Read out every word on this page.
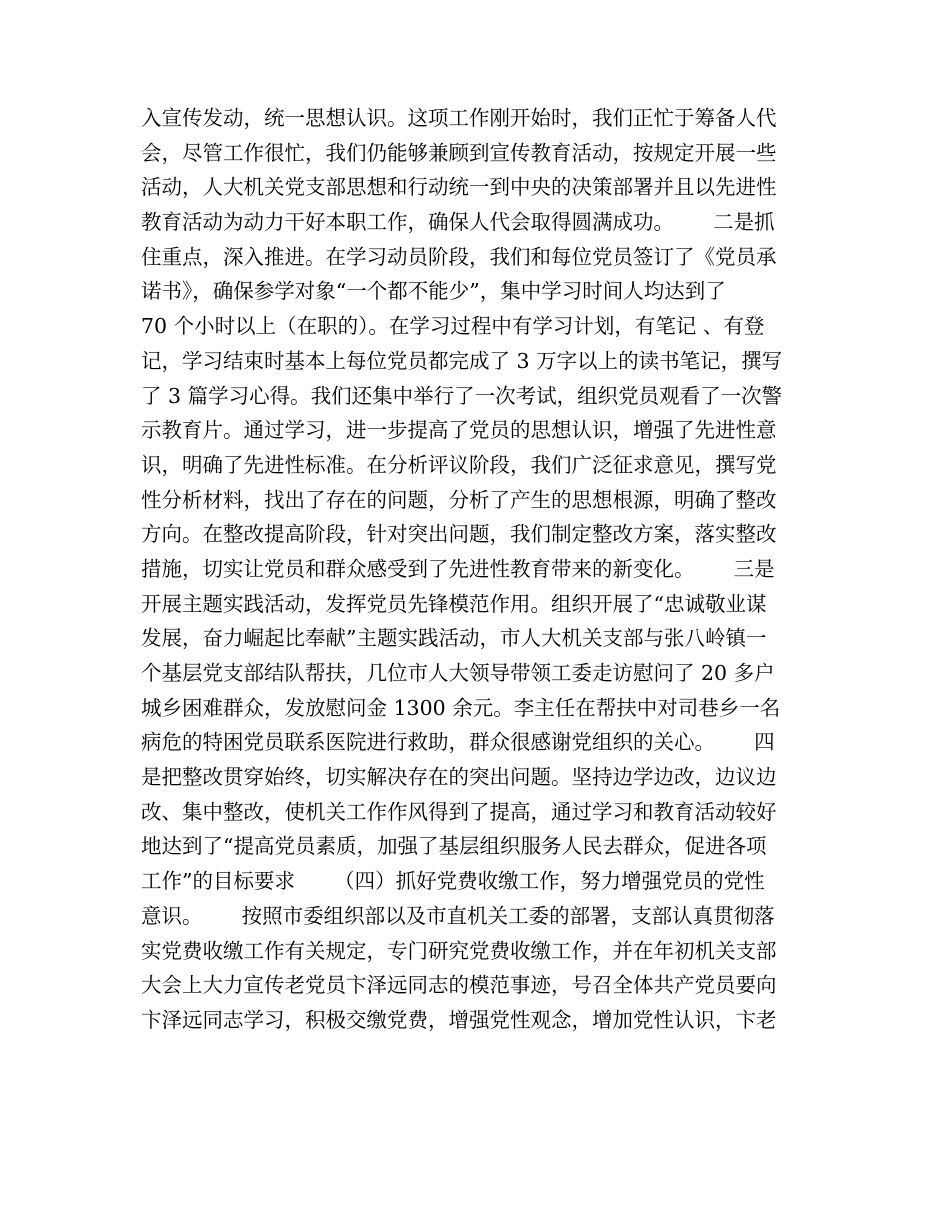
入宣传发动，统一思想认识。这项工作刚开始时，我们正忙于筹备人代
会，尽管工作很忙，我们仍能够兼顾到宣传教育活动，按规定开展一些
活动，人大机关党支部思想和行动统一到中央的决策部署并且以先进性
教育活动为动力干好本职工作，确保人代会取得圆满成功。      二是抓
住重点，深入推进。在学习动员阶段，我们和每位党员签订了《党员承
诺书》，确保参学对象“一个都不能少”，集中学习时间人均达到了
70 个小时以上（在职的）。在学习过程中有学习计划，有笔记 、有登
记，学习结束时基本上每位党员都完成了 3 万字以上的读书笔记，撰写
了 3 篇学习心得。我们还集中举行了一次考试，组织党员观看了一次警
示教育片。通过学习，进一步提高了党员的思想认识，增强了先进性意
识，明确了先进性标准。在分析评议阶段，我们广泛征求意见，撰写党
性分析材料，找出了存在的问题，分析了产生的思想根源，明确了整改
方向。在整改提高阶段，针对突出问题，我们制定整改方案，落实整改
措施，切实让党员和群众感受到了先进性教育带来的新变化。      三是
开展主题实践活动，发挥党员先锋模范作用。组织开展了“忠诚敬业谋
发展，奋力崛起比奉献”主题实践活动，市人大机关支部与张八岭镇一
个基层党支部结队帮扶，几位市人大领导带领工委走访慰问了 20 多户
城乡困难群众，发放慰问金 1300 余元。李主任在帮扶中对司巷乡一名
病危的特困党员联系医院进行救助，群众很感谢党组织的关心。      四
是把整改贯穿始终，切实解决存在的突出问题。坚持边学边改，边议边
改、集中整改，使机关工作作风得到了提高，通过学习和教育活动较好
地达到了“提高党员素质，加强了基层组织服务人民去群众，促进各项
工作”的目标要求      （四）抓好党费收缴工作，努力增强党员的党性
意识。      按照市委组织部以及市直机关工委的部署，支部认真贯彻落
实党费收缴工作有关规定，专门研究党费收缴工作，并在年初机关支部
大会上大力宣传老党员卞泽远同志的模范事迹，号召全体共产党员要向
卞泽远同志学习，积极交缴党费，增强党性观念，增加党性认识，卞老
